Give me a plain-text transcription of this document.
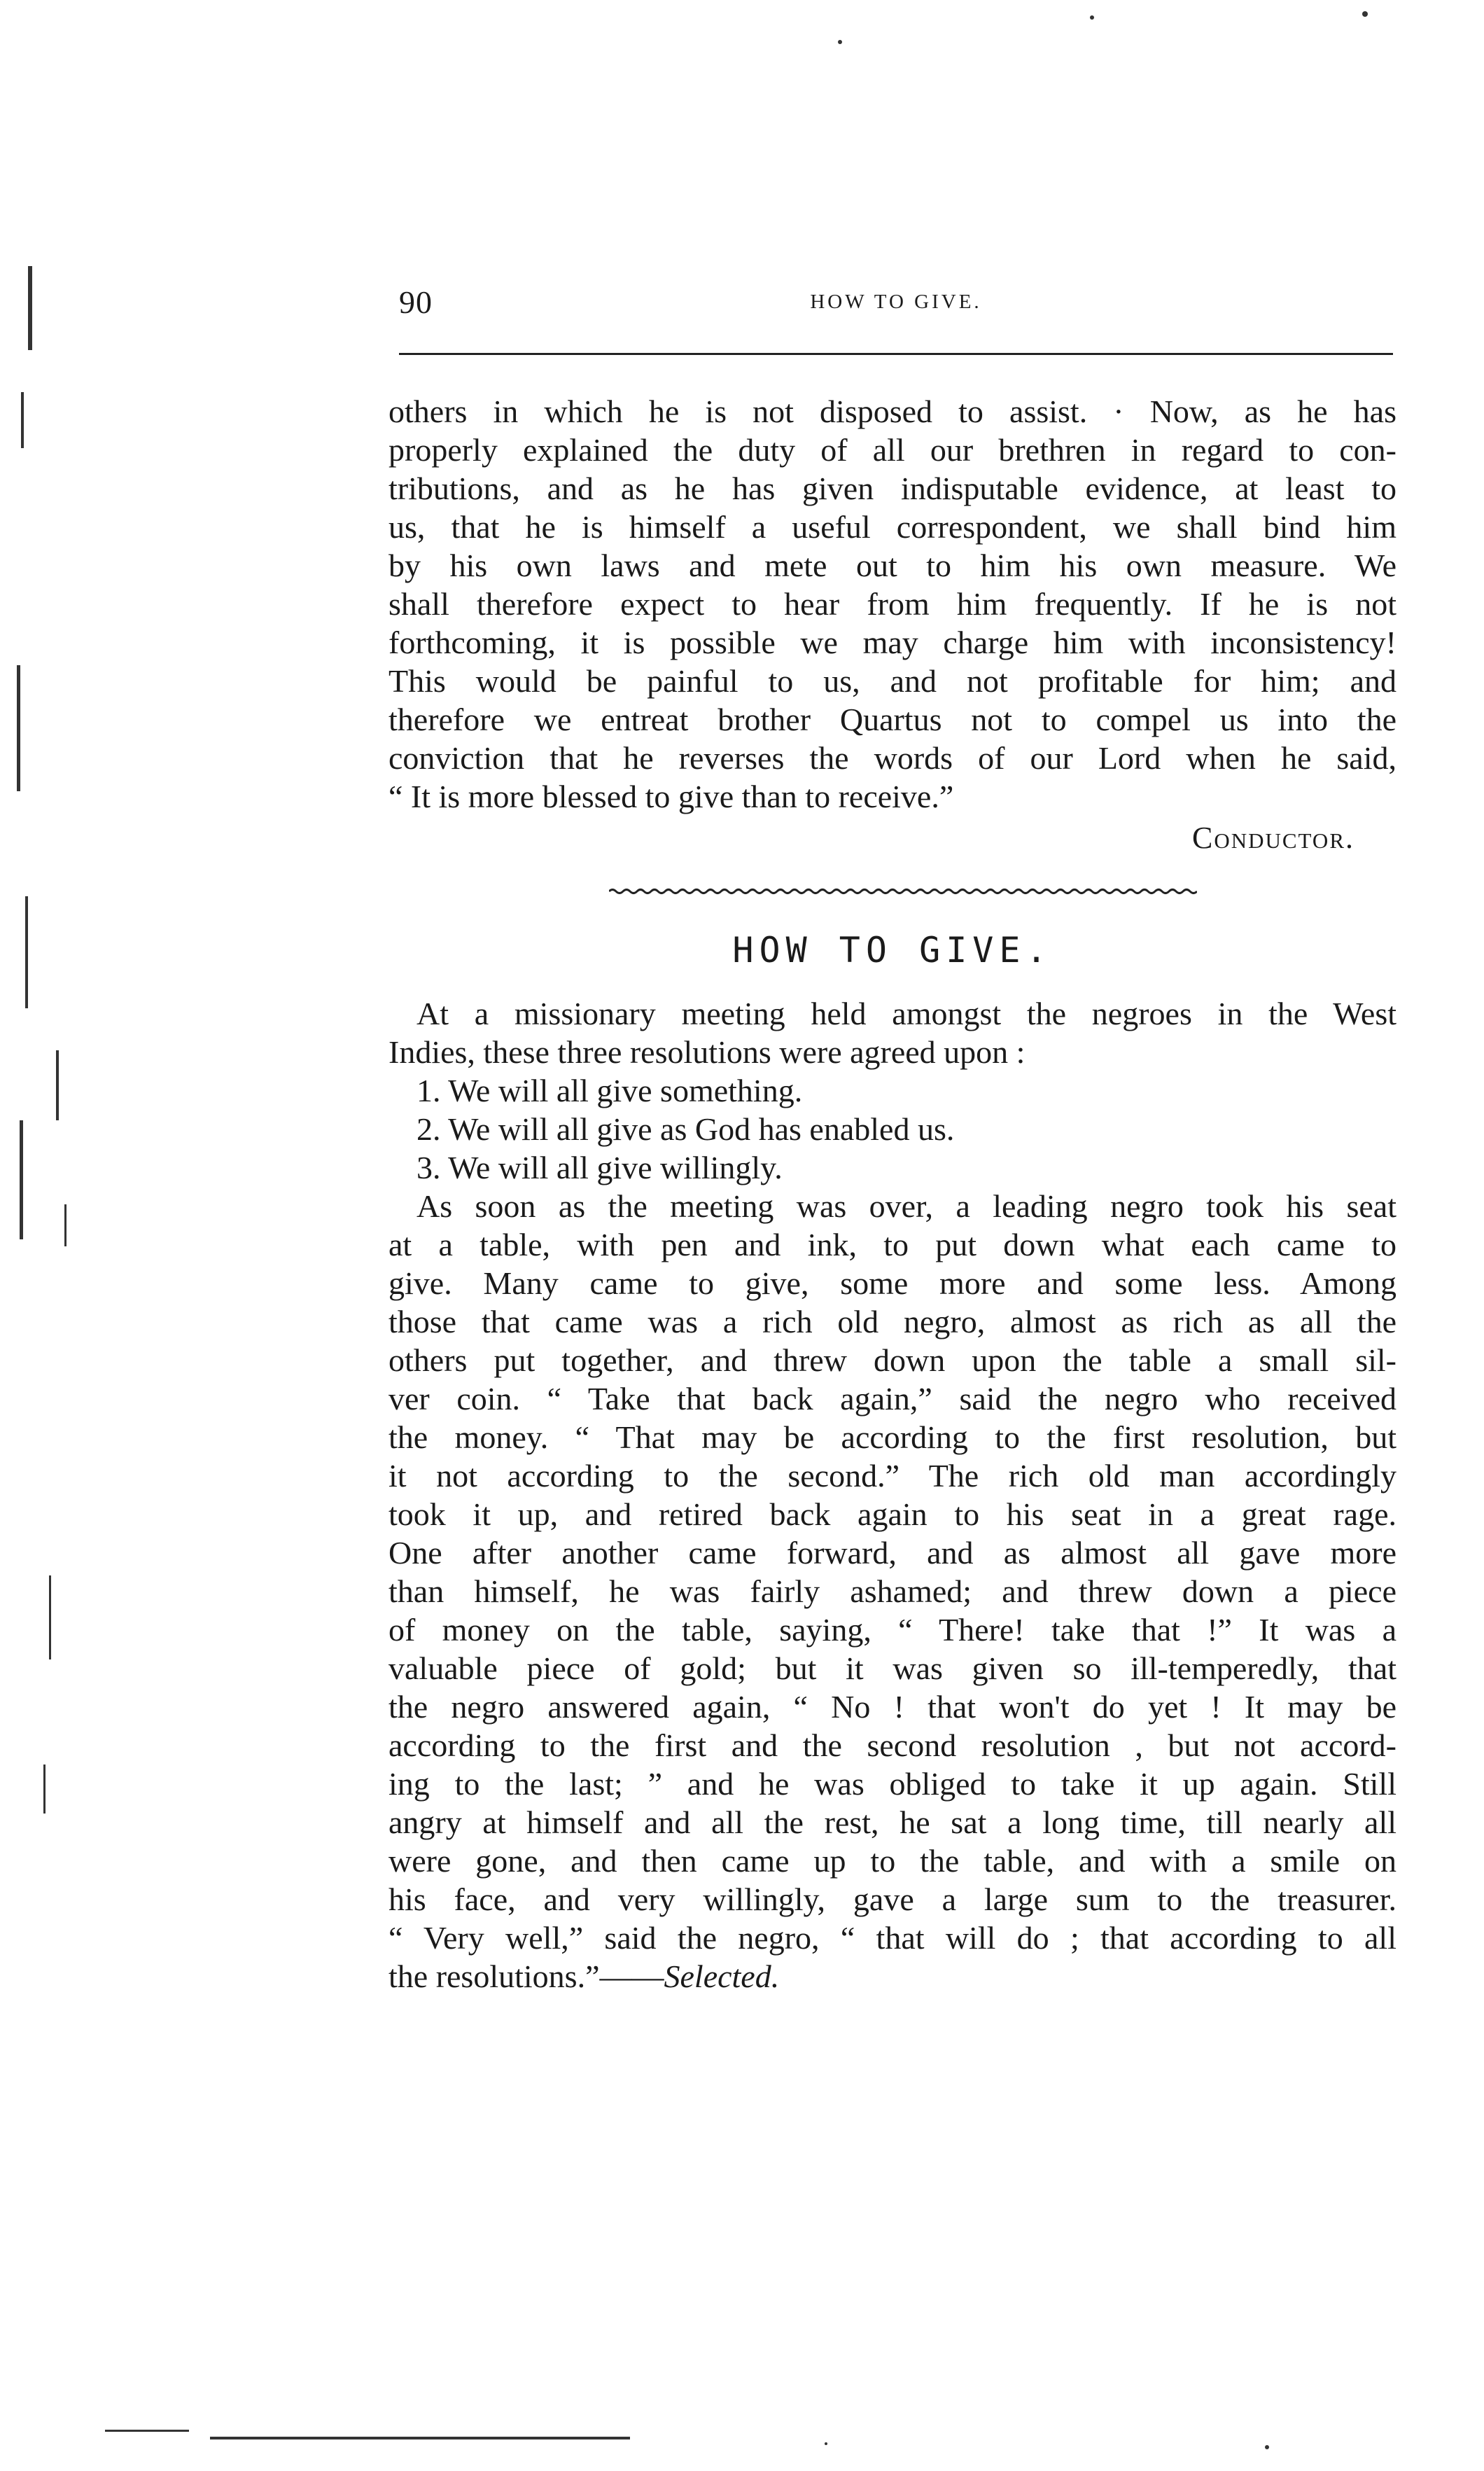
90	HOW TO GIVE.
others in which he is not disposed to assist. · Now, as he has
properly explained the duty of all our brethren in regard to con-
tributions, and as he has given indisputable evidence, at least to
us, that he is himself a useful correspondent, we shall bind him
by his own laws and mete out to him his own measure. We
shall therefore expect to hear from him frequently. If he is not
forthcoming, it is possible we may charge him with inconsistency!
This would be painful to us, and not profitable for him; and
therefore we entreat brother Quartus not to compel us into the
conviction that he reverses the words of our Lord when he said,
“ It is more blessed to give than to receive.”
Conductor.
HOW TO GIVE.
At a missionary meeting held amongst the negroes in the West
Indies, these three resolutions were agreed upon :
1. We will all give something.
2. We will all give as God has enabled us.
3. We will all give willingly.
As soon as the meeting was over, a leading negro took his seat
at a table, with pen and ink, to put down what each came to
give. Many came to give, some more and some less. Among
those that came was a rich old negro, almost as rich as all the
others put together, and threw down upon the table a small sil-
ver coin. “ Take that back again,” said the negro who received
the money. “ That may be according to the first resolution, but
it not according to the second.” The rich old man accordingly
took it up, and retired back again to his seat in a great rage.
One after another came forward, and as almost all gave more
than himself, he was fairly ashamed; and threw down a piece
of money on the table, saying, “ There! take that !” It was a
valuable piece of gold; but it was given so ill-temperedly, that
the negro answered again, “ No ! that won't do yet ! It may be
according to the first and the second resolution , but not accord-
ing to the last; ” and he was obliged to take it up again. Still
angry at himself and all the rest, he sat a long time, till nearly all
were gone, and then came up to the table, and with a smile on
his face, and very willingly, gave a large sum to the treasurer.
“ Very well,” said the negro, “ that will do ; that according to all
the resolutions.”——Selected.
